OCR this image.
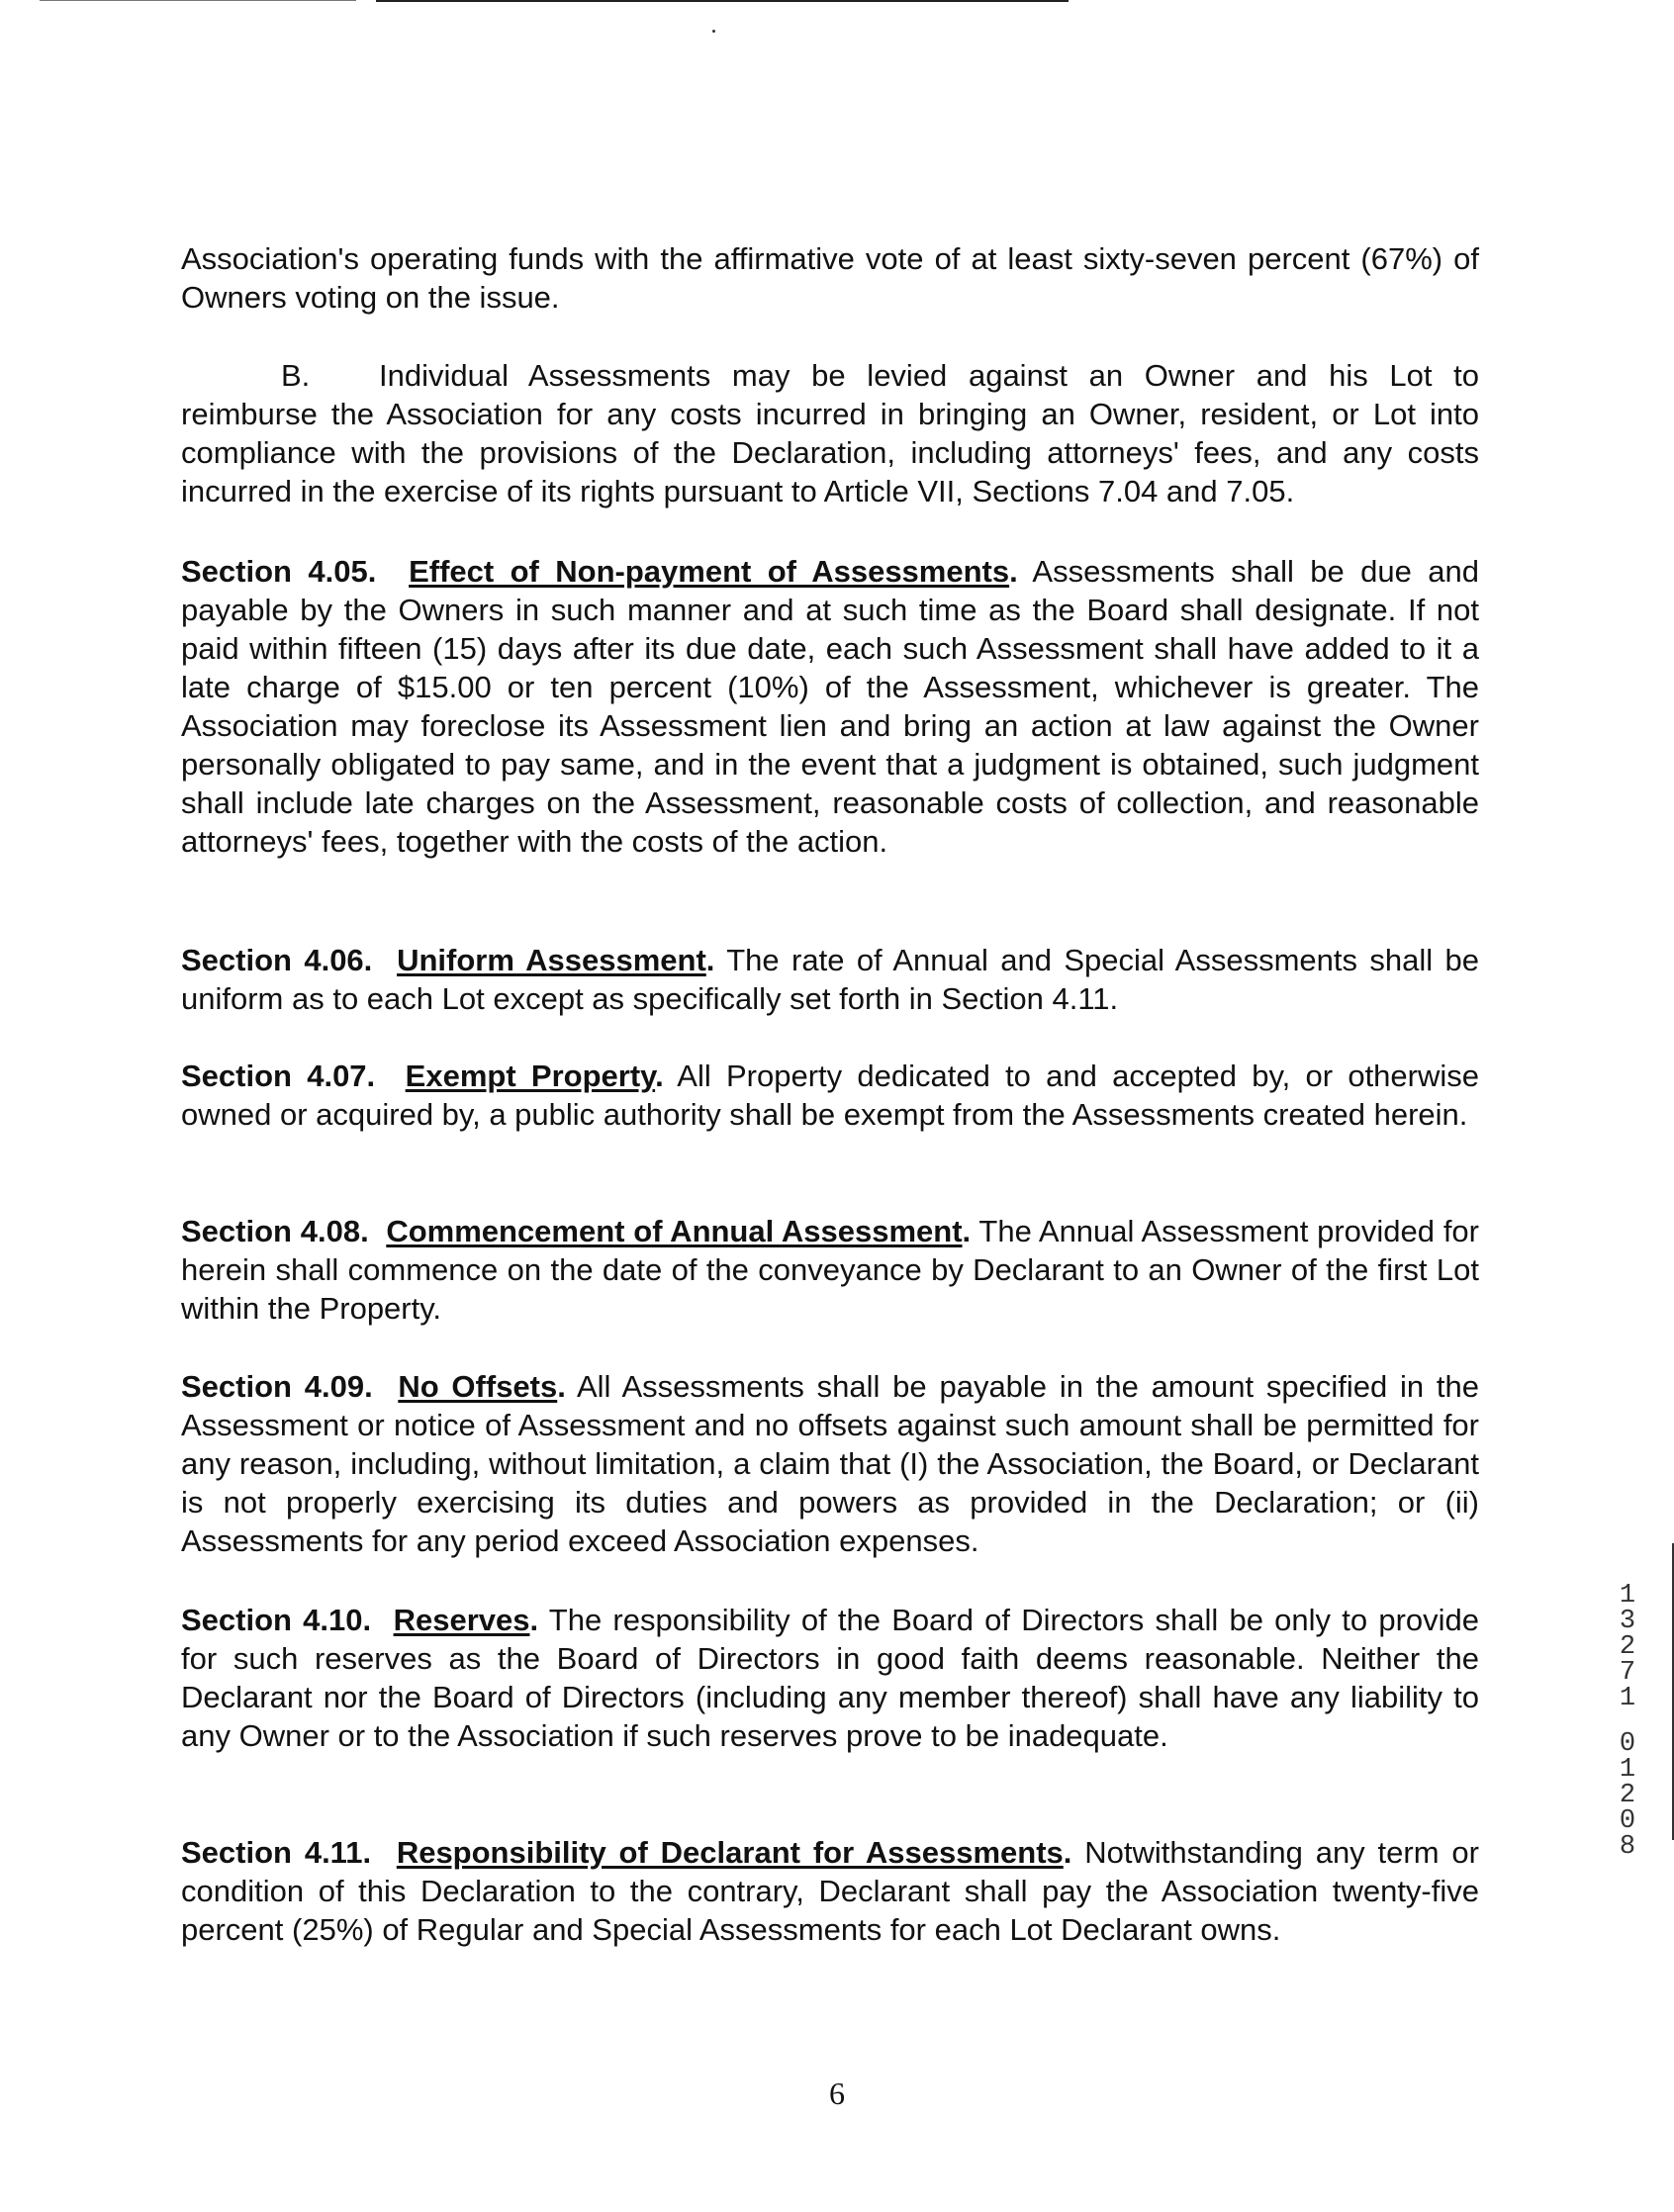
Association's operating funds with the affirmative vote of at least sixty-seven percent (67%) of Owners voting on the issue.

B. Individual Assessments may be levied against an Owner and his Lot to reimburse the Association for any costs incurred in bringing an Owner, resident, or Lot into compliance with the provisions of the Declaration, including attorneys' fees, and any costs incurred in the exercise of its rights pursuant to Article VII, Sections 7.04 and 7.05.

Section 4.05. Effect of Non-payment of Assessments. Assessments shall be due and payable by the Owners in such manner and at such time as the Board shall designate. If not paid within fifteen (15) days after its due date, each such Assessment shall have added to it a late charge of $15.00 or ten percent (10%) of the Assessment, whichever is greater. The Association may foreclose its Assessment lien and bring an action at law against the Owner personally obligated to pay same, and in the event that a judgment is obtained, such judgment shall include late charges on the Assessment, reasonable costs of collection, and reasonable attorneys' fees, together with the costs of the action.

Section 4.06. Uniform Assessment. The rate of Annual and Special Assessments shall be uniform as to each Lot except as specifically set forth in Section 4.11.

Section 4.07. Exempt Property. All Property dedicated to and accepted by, or otherwise owned or acquired by, a public authority shall be exempt from the Assessments created herein.

Section 4.08. Commencement of Annual Assessment. The Annual Assessment provided for herein shall commence on the date of the conveyance by Declarant to an Owner of the first Lot within the Property.

Section 4.09. No Offsets. All Assessments shall be payable in the amount specified in the Assessment or notice of Assessment and no offsets against such amount shall be permitted for any reason, including, without limitation, a claim that (I) the Association, the Board, or Declarant is not properly exercising its duties and powers as provided in the Declaration; or (ii) Assessments for any period exceed Association expenses.

Section 4.10. Reserves. The responsibility of the Board of Directors shall be only to provide for such reserves as the Board of Directors in good faith deems reasonable. Neither the Declarant nor the Board of Directors (including any member thereof) shall have any liability to any Owner or to the Association if such reserves prove to be inadequate.

Section 4.11. Responsibility of Declarant for Assessments. Notwithstanding any term or condition of this Declaration to the contrary, Declarant shall pay the Association twenty-five percent (25%) of Regular and Special Assessments for each Lot Declarant owns.

6
1
3
2
7
1
0
1
2
0
8
